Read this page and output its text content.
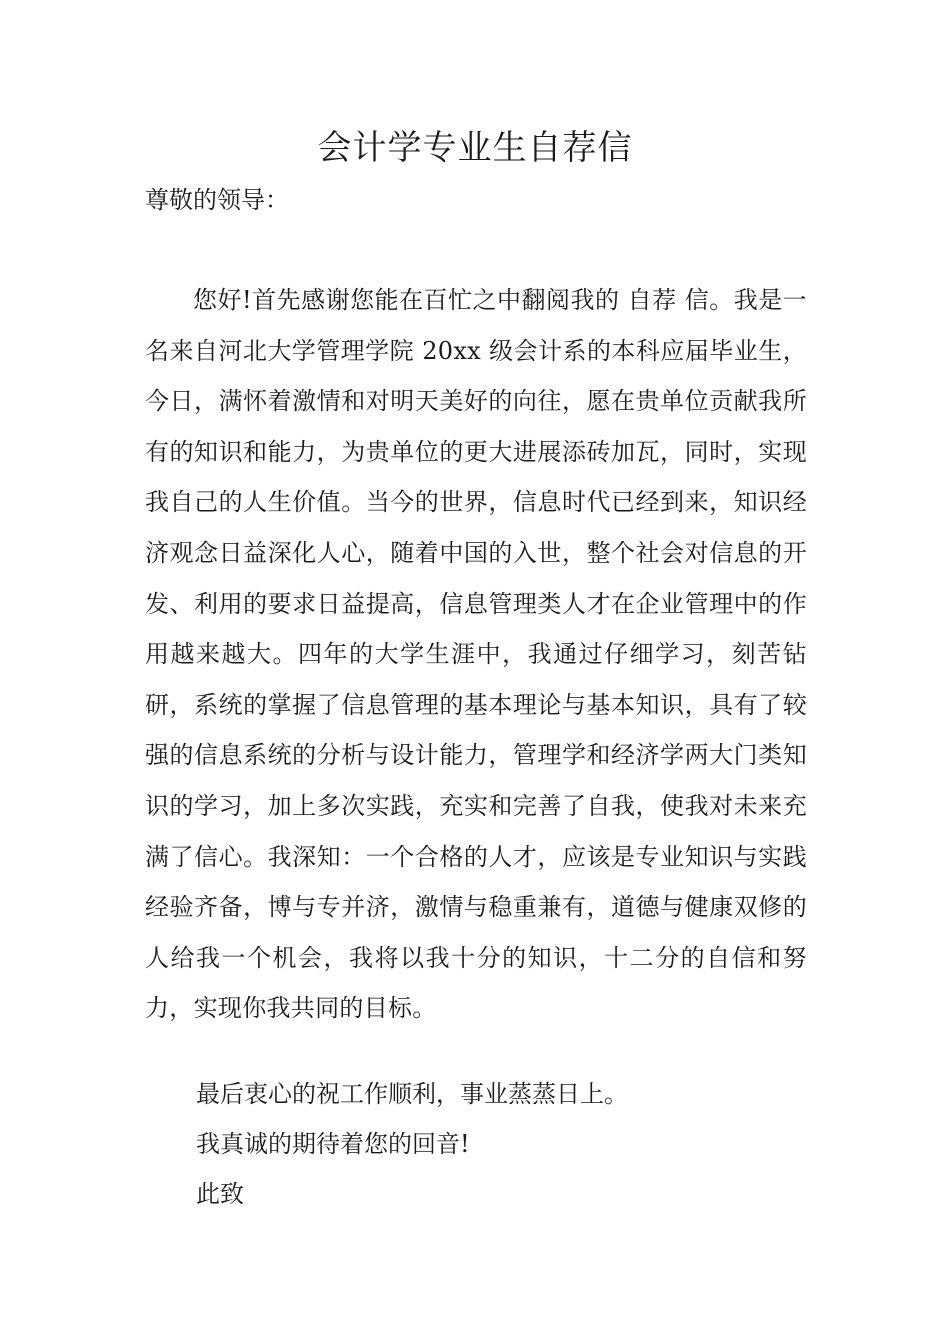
会计学专业生自荐信

尊敬的领导：

您好!首先感谢您能在百忙之中翻阅我的 自荐 信。我是一名来自河北大学管理学院 20xx 级会计系的本科应届毕业生，今日，满怀着激情和对明天美好的向往，愿在贵单位贡献我所有的知识和能力，为贵单位的更大进展添砖加瓦，同时，实现我自己的人生价值。当今的世界，信息时代已经到来，知识经济观念日益深化人心，随着中国的入世，整个社会对信息的开发、利用的要求日益提高，信息管理类人才在企业管理中的作用越来越大。四年的大学生涯中，我通过仔细学习，刻苦钻研，系统的掌握了信息管理的基本理论与基本知识，具有了较强的信息系统的分析与设计能力，管理学和经济学两大门类知识的学习，加上多次实践，充实和完善了自我，使我对未来充满了信心。我深知：一个合格的人才，应该是专业知识与实践经验齐备，博与专并济，激情与稳重兼有，道德与健康双修的人给我一个机会，我将以我十分的知识，十二分的自信和努力，实现你我共同的目标。

最后衷心的祝工作顺利，事业蒸蒸日上。

我真诚的期待着您的回音!

此致
